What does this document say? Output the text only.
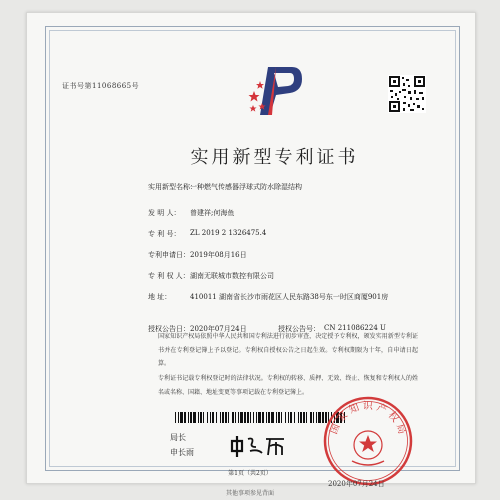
证书号第11068665号
实用新型专利证书
实用新型名称：
一种燃气传感器浮球式防水除湿结构
发 明 人： 曾建祥;何海鱼
专 利 号： ZL 2019 2 1326475.4
专利申请日： 2019年08月16日
专 利 权 人： 湖南无联城市数控有限公司
地 址：	410011 湖南省长沙市雨花区人民东路38号东一时区商厦901房
授权公告日： 2020年07月24日	授权公告号： CN 211086224 U
国家知识产权局依照中华人民共和国专利法进行初步审查，决定授予专利权，颁发实用新型专利证书并在专利登记簿上予以登记。专利权自授权公告之日起生效。专利权期限为十年，自申请日起算。
专利证书记载专利权登记时的法律状况。专利权的转移、质押、无效、终止、恢复和专利权人的姓名或名称、国籍、地址变更等事项记载在专利登记簿上。
局长
申长雨
国家知识产权局
2020年07月24日
第1页（共2页）
其他事项参见背面
